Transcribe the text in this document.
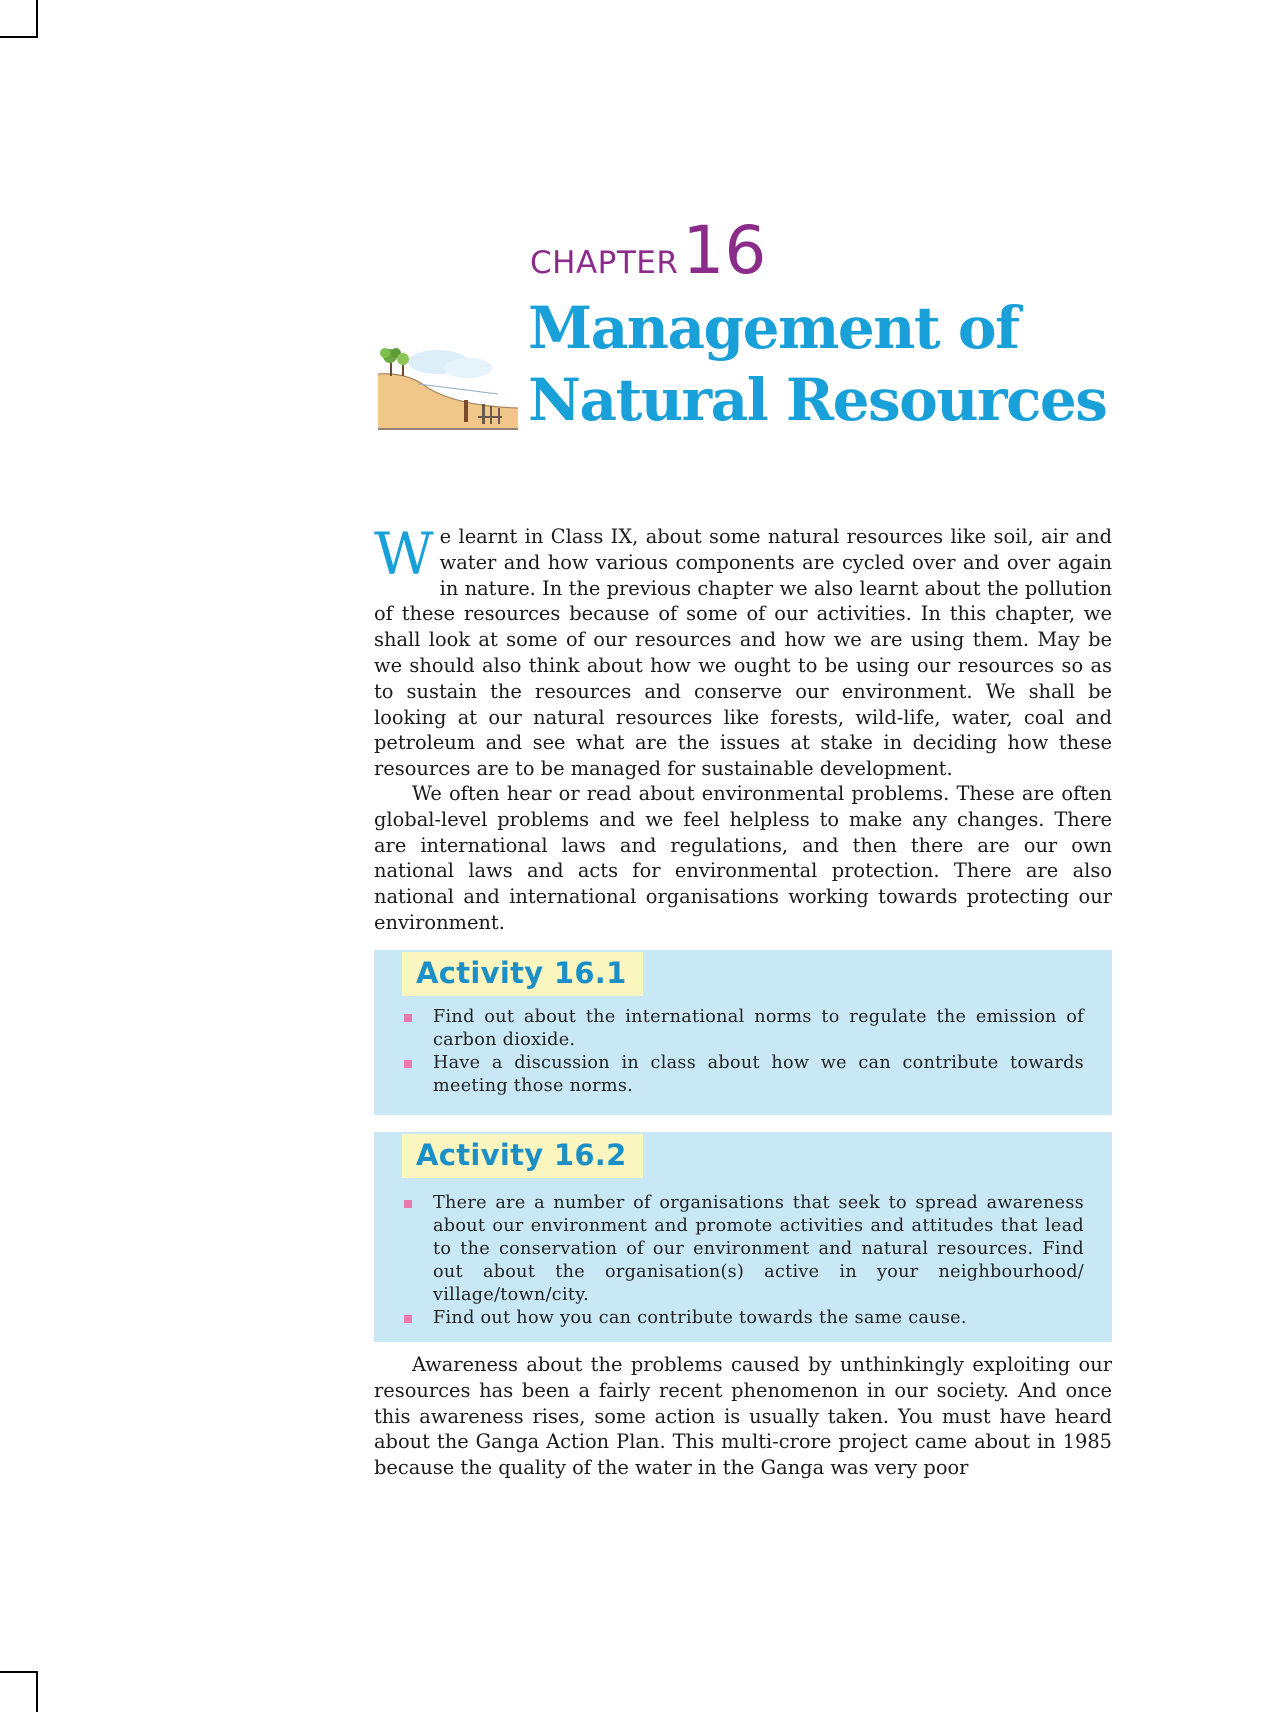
CHAPTER16
Management of
Natural Resources

We learnt in Class IX, about some natural resources like soil, air and water and how various components are cycled over and over again in nature. In the previous chapter we also learnt about the pollution of these resources because of some of our activities. In this chapter, we shall look at some of our resources and how we are using them. May be we should also think about how we ought to be using our resources so as to sustain the resources and conserve our environment. We shall be looking at our natural resources like forests, wild-life, water, coal and petroleum and see what are the issues at stake in deciding how these resources are to be managed for sustainable development.

We often hear or read about environmental problems. These are often global-level problems and we feel helpless to make any changes. There are international laws and regulations, and then there are our own national laws and acts for environmental protection. There are also national and international organisations working towards protecting our environment.

Activity 16.1
Find out about the international norms to regulate the emission of carbon dioxide.
Have a discussion in class about how we can contribute towards meeting those norms.
Activity 16.2
There are a number of organisations that seek to spread awareness about our environment and promote activities and attitudes that lead to the conservation of our environment and natural resources. Find out about the organisation(s) active in your neighbourhood/ village/town/city.
Find out how you can contribute towards the same cause.

Awareness about the problems caused by unthinkingly exploiting our resources has been a fairly recent phenomenon in our society. And once this awareness rises, some action is usually taken. You must have heard about the Ganga Action Plan. This multi-crore project came about in 1985 because the quality of the water in the Ganga was very poor
